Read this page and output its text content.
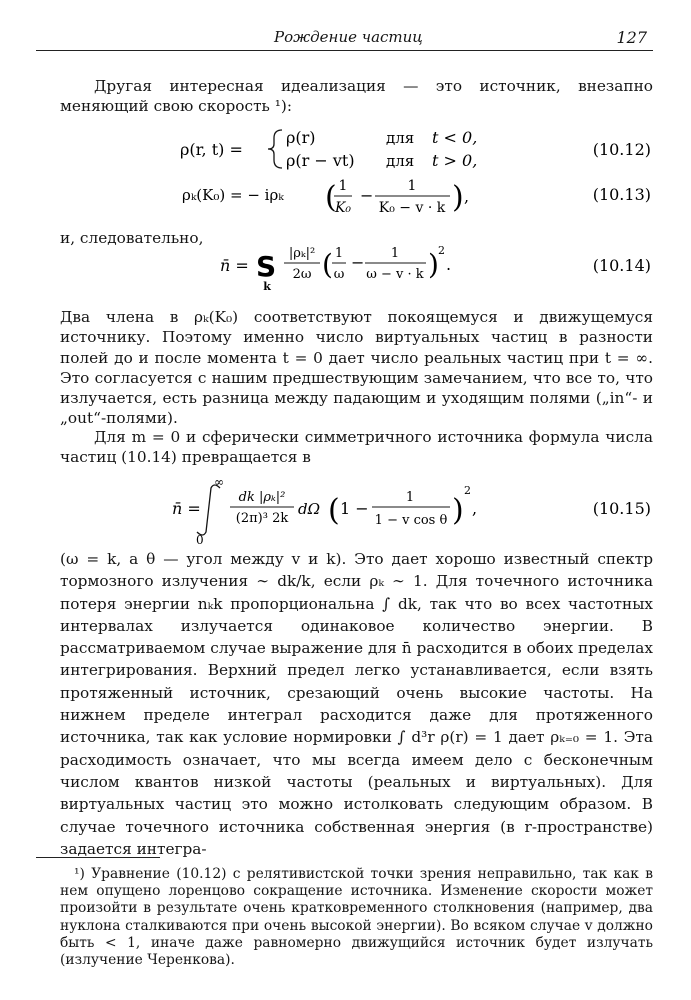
Рождение частиц	127

Другая интересная идеализация — это источник, внезапно меняющий свою скорость ¹):

ρ(r, t) =
ρ(r)	для t < 0,
ρ(r − vt) для t > 0,
(10.12)
ρₖ(K₀) = − iρₖ ( 1
K₀
− 1
K₀ − v · k ) ,	(10.13)

и, следовательно,

n̄ = S
k
|ρₖ|²
2ω ( 1
ω
− 1
ω − v · k ) 2
.	(10.14)

Два члена в ρₖ(K₀) соответствуют покоящемуся и движущемуся источнику. Поэтому именно число виртуальных частиц в разности полей до и после момента t = 0 дает число реальных частиц при t = ∞. Это согласуется с нашим предшествующим замечанием, что все то, что излучается, есть разница между падающим и уходящим полями („in“- и „out“-полями).

Для m = 0 и сферически симметричного источника формула числа частиц (10.14) превращается в

n̄ =
∞
0
dk |ρₖ|²
(2π)³ 2k
dΩ ( 1 −
1
1 − v cos θ )
2
,	(10.15)

(ω = k, а θ — угол между v и k). Это дает хорошо известный спектр тормозного излучения ∼ dk/k, если ρₖ ∼ 1. Для точечного источника потеря энергии nₖk пропорциональна ∫ dk, так что во всех частотных интервалах излучается одинаковое количество энергии. В рассматриваемом случае выражение для n̄ расходится в обоих пределах интегрирования. Верхний предел легко устанавливается, если взять протяженный источник, срезающий очень высокие частоты. На нижнем пределе интеграл расходится даже для протяженного источника, так как условие нормировки ∫ d³r ρ(r) = 1 дает ρₖ₌₀ = 1. Эта расходимость означает, что мы всегда имеем дело с бесконечным числом квантов низкой частоты (реальных и виртуальных). Для виртуальных частиц это можно истолковать следующим образом. В случае точечного источника собственная энергия (в r-пространстве) задается интегра-

¹) Уравнение (10.12) с релятивистской точки зрения неправильно, так как в нем опущено лоренцово сокращение источника. Изменение скорости может произойти в результате очень кратковременного столкновения (например, два нуклона сталкиваются при очень высокой энергии). Во всяком случае v должно быть < 1, иначе даже равномерно движущийся источник будет излучать (излучение Черенкова).
